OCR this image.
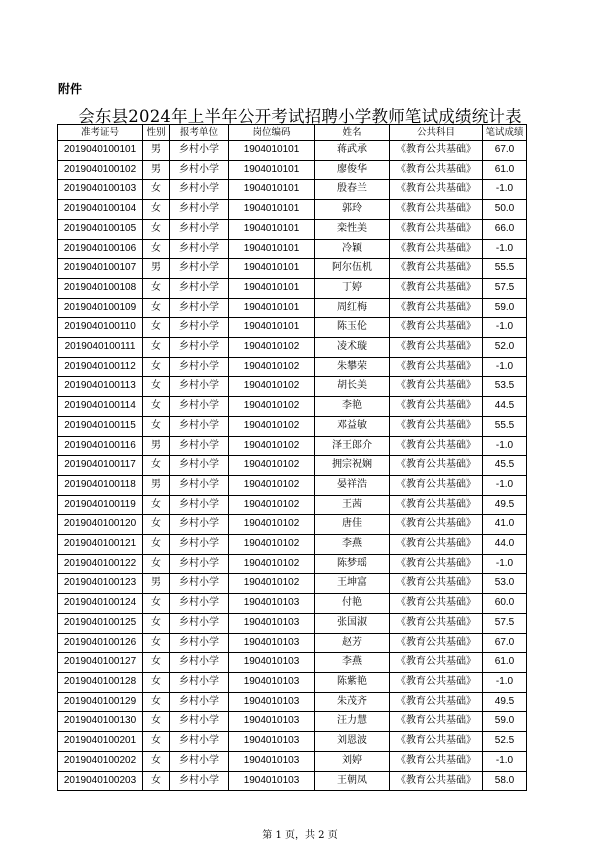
附件
会东县2024年上半年公开考试招聘小学教师笔试成绩统计表
准考证号	性别	报考单位	岗位编码	姓名	公共科目	笔试成绩
2019040100101	男	乡村小学	1904010101	蒋武承	《教育公共基础》	67.0
2019040100102	男	乡村小学	1904010101	廖俊华	《教育公共基础》	61.0
2019040100103	女	乡村小学	1904010101	殷春兰	《教育公共基础》	-1.0
2019040100104	女	乡村小学	1904010101	郭玲	《教育公共基础》	50.0
2019040100105	女	乡村小学	1904010101	栾性美	《教育公共基础》	66.0
2019040100106	女	乡村小学	1904010101	冷颖	《教育公共基础》	-1.0
2019040100107	男	乡村小学	1904010101	阿尔伍机	《教育公共基础》	55.5
2019040100108	女	乡村小学	1904010101	丁婷	《教育公共基础》	57.5
2019040100109	女	乡村小学	1904010101	周红梅	《教育公共基础》	59.0
2019040100110	女	乡村小学	1904010101	陈玉伦	《教育公共基础》	-1.0
2019040100111	女	乡村小学	1904010102	凌术璇	《教育公共基础》	52.0
2019040100112	女	乡村小学	1904010102	朱攀荣	《教育公共基础》	-1.0
2019040100113	女	乡村小学	1904010102	胡长美	《教育公共基础》	53.5
2019040100114	女	乡村小学	1904010102	李艳	《教育公共基础》	44.5
2019040100115	女	乡村小学	1904010102	邓益敏	《教育公共基础》	55.5
2019040100116	男	乡村小学	1904010102	泽王郎介	《教育公共基础》	-1.0
2019040100117	女	乡村小学	1904010102	拥宗祝娴	《教育公共基础》	45.5
2019040100118	男	乡村小学	1904010102	晏祥浩	《教育公共基础》	-1.0
2019040100119	女	乡村小学	1904010102	王茜	《教育公共基础》	49.5
2019040100120	女	乡村小学	1904010102	唐佳	《教育公共基础》	41.0
2019040100121	女	乡村小学	1904010102	李燕	《教育公共基础》	44.0
2019040100122	女	乡村小学	1904010102	陈梦瑶	《教育公共基础》	-1.0
2019040100123	男	乡村小学	1904010102	王坤富	《教育公共基础》	53.0
2019040100124	女	乡村小学	1904010103	付艳	《教育公共基础》	60.0
2019040100125	女	乡村小学	1904010103	张国淑	《教育公共基础》	57.5
2019040100126	女	乡村小学	1904010103	赵芳	《教育公共基础》	67.0
2019040100127	女	乡村小学	1904010103	李燕	《教育公共基础》	61.0
2019040100128	女	乡村小学	1904010103	陈紫艳	《教育公共基础》	-1.0
2019040100129	女	乡村小学	1904010103	朱茂齐	《教育公共基础》	49.5
2019040100130	女	乡村小学	1904010103	汪力慧	《教育公共基础》	59.0
2019040100201	女	乡村小学	1904010103	刘恩波	《教育公共基础》	52.5
2019040100202	女	乡村小学	1904010103	刘婷	《教育公共基础》	-1.0
2019040100203	女	乡村小学	1904010103	王朝凤	《教育公共基础》	58.0
第 1 页，共 2 页
